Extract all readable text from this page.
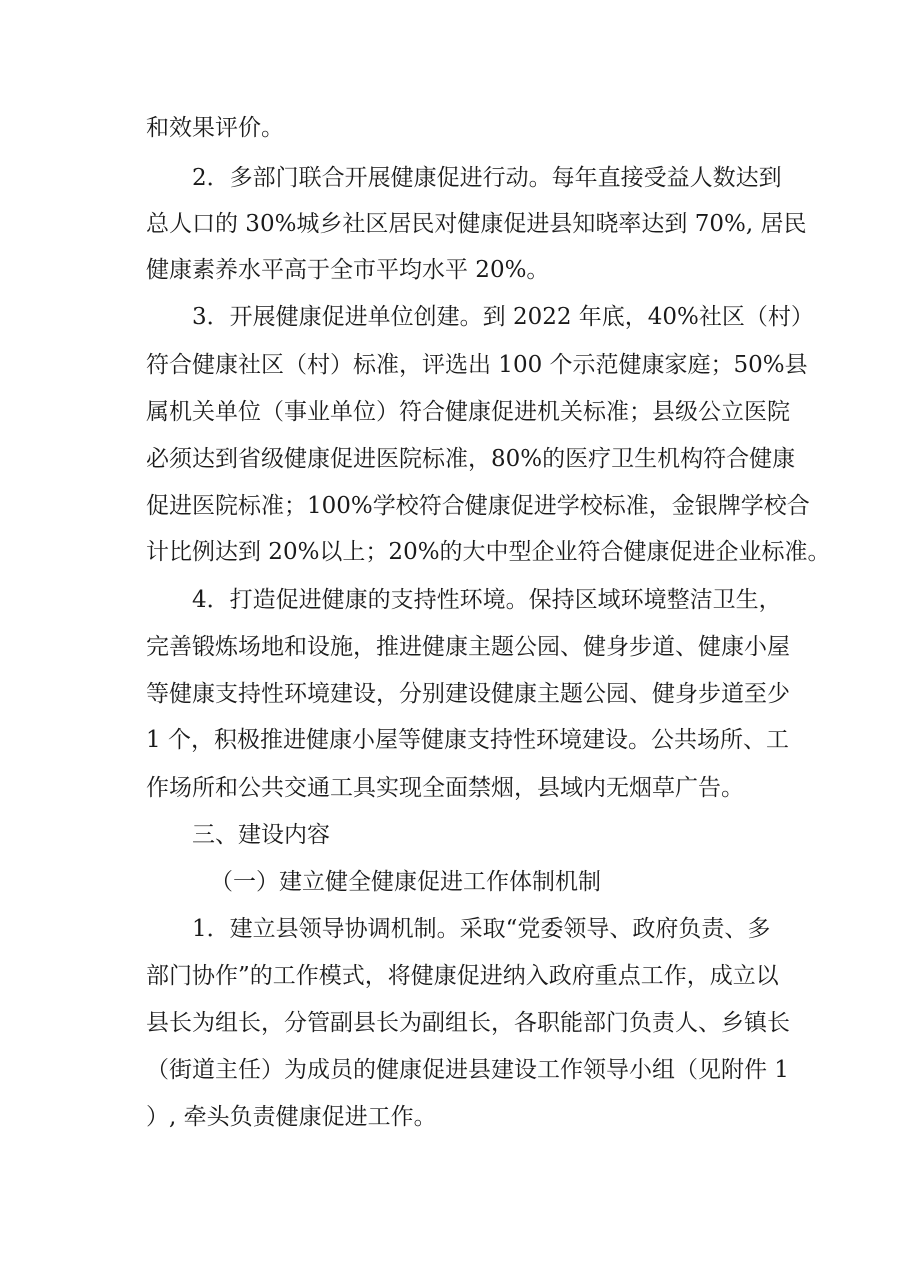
和效果评价。

2．多部门联合开展健康促进行动。每年直接受益人数达到

总人口的 30%城乡社区居民对健康促进县知晓率达到 70%, 居民

健康素养水平高于全市平均水平 20%。

3．开展健康促进单位创建。到 2022 年底，40%社区（村）

符合健康社区（村）标准，评选出 100 个示范健康家庭；50%县

属机关单位（事业单位）符合健康促进机关标准；县级公立医院

必须达到省级健康促进医院标准，80%的医疗卫生机构符合健康

促进医院标准；100%学校符合健康促进学校标准，金银牌学校合

计比例达到 20%以上；20%的大中型企业符合健康促进企业标准。

4．打造促进健康的支持性环境。保持区域环境整洁卫生，

完善锻炼场地和设施，推进健康主题公园、健身步道、健康小屋

等健康支持性环境建设，分别建设健康主题公园、健身步道至少

1 个，积极推进健康小屋等健康支持性环境建设。公共场所、工

作场所和公共交通工具实现全面禁烟，县域内无烟草广告。

三、建设内容

（一）建立健全健康促进工作体制机制

1．建立县领导协调机制。采取“党委领导、政府负责、多

部门协作”的工作模式，将健康促进纳入政府重点工作，成立以

县长为组长，分管副县长为副组长，各职能部门负责人、乡镇长

（街道主任）为成员的健康促进县建设工作领导小组（见附件 1

）, 牵头负责健康促进工作。
